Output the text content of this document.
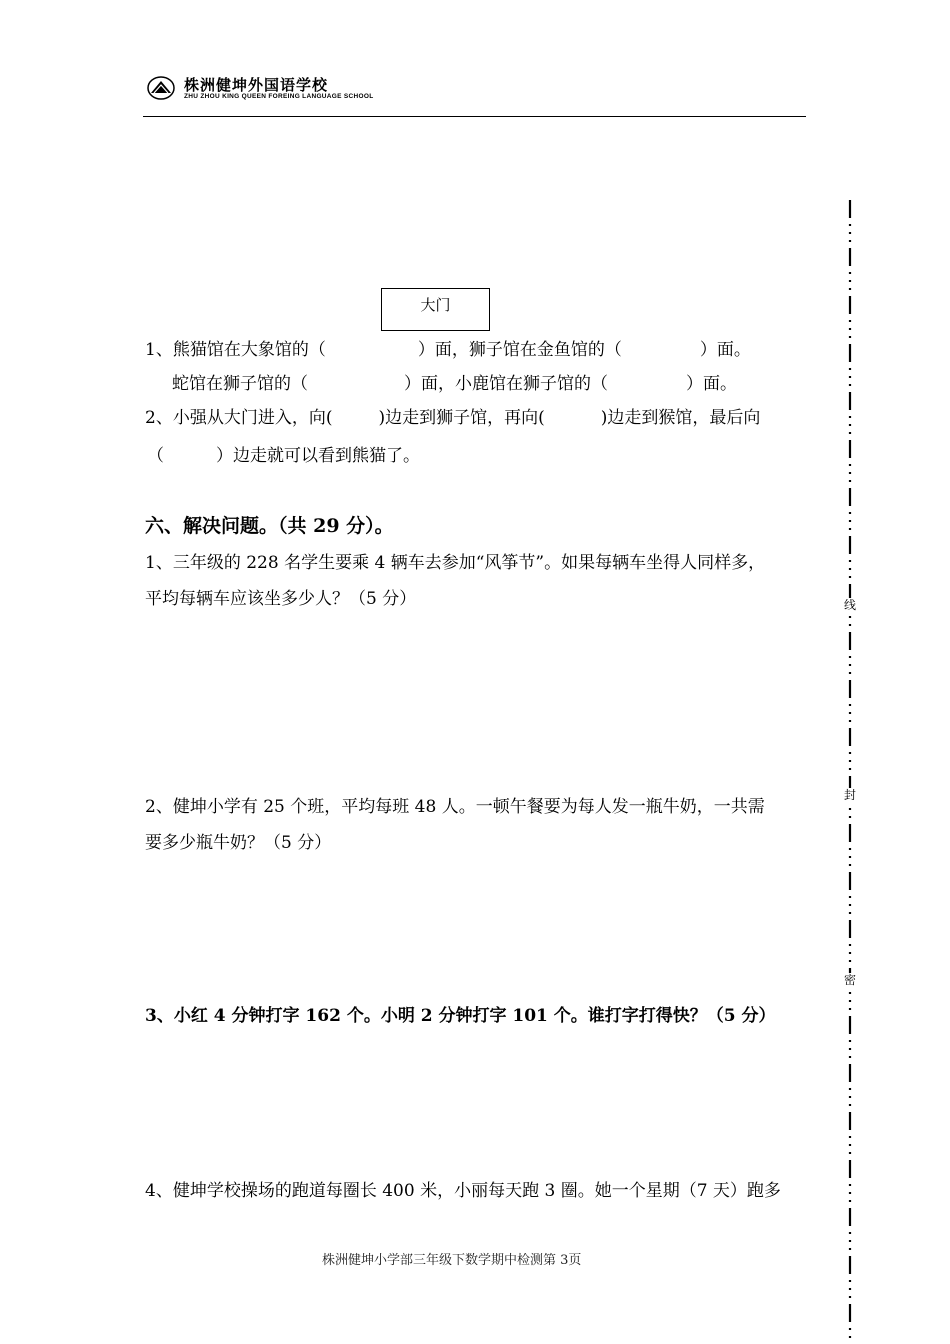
株洲健坤外国语学校
ZHU ZHOU KING QUEEN FOREING LANGUAGE SCHOOL
大门
1、熊猫馆在大象馆的（	）面，狮子馆在金鱼馆的（	）面。
蛇馆在狮子馆的（	）面，小鹿馆在狮子馆的（	）面。
2、小强从大门进入，向(	)边走到狮子馆，再向(	)边走到猴馆，最后向
（	）边走就可以看到熊猫了。
六、解决问题。（共 29 分）。
1、三年级的 228 名学生要乘 4 辆车去参加“风筝节”。如果每辆车坐得人同样多，
平均每辆车应该坐多少人？（5 分）
2、健坤小学有 25 个班，平均每班 48 人。一顿午餐要为每人发一瓶牛奶，一共需
要多少瓶牛奶？（5 分）
3、小红 4 分钟打字 162 个。小明 2 分钟打字 101 个。谁打字打得快？（5 分）
4、健坤学校操场的跑道每圈长 400 米，小丽每天跑 3 圈。她一个星期（7 天）跑多
株洲健坤小学部三年级下数学期中检测第 3页
线
封
密
